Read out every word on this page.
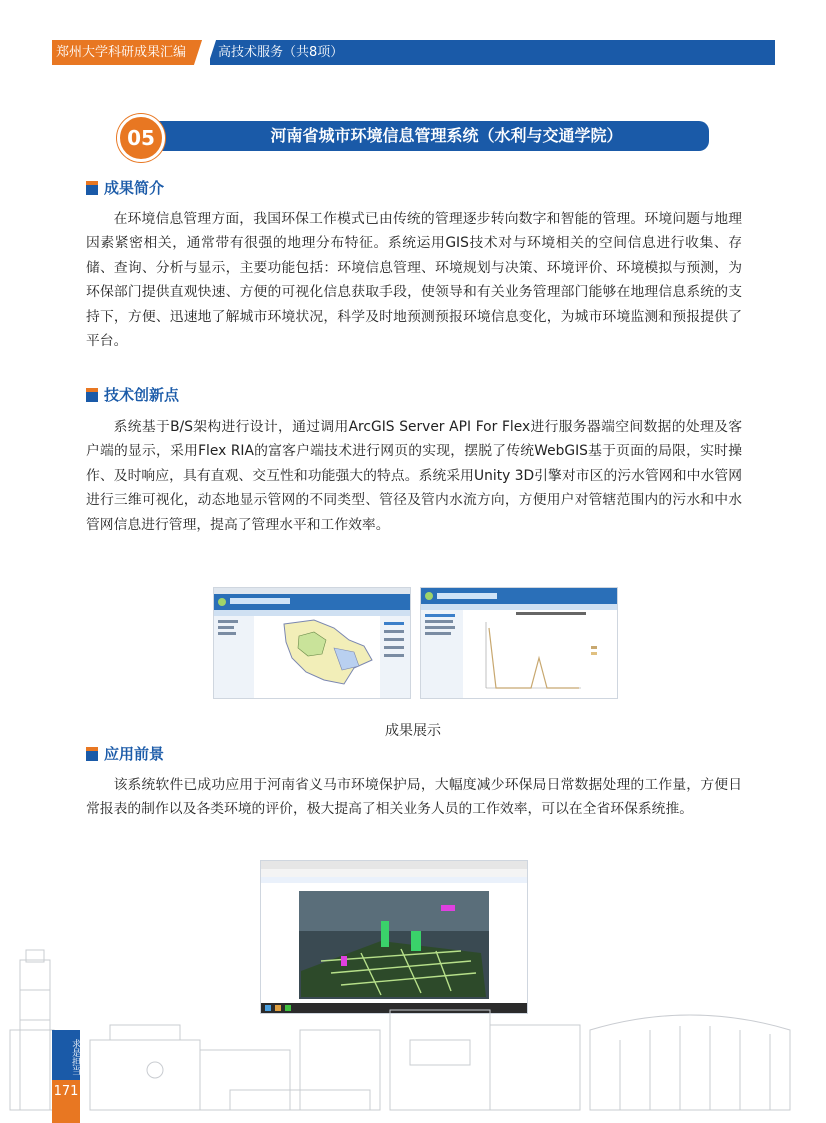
郑州大学科研成果汇编	高技术服务（共8项）
河南省城市环境信息管理系统（水利与交通学院）
05
成果简介

在环境信息管理方面，我国环保工作模式已由传统的管理逐步转向数字和智能的管理。环境问题与地理因素紧密相关，通常带有很强的地理分布特征。系统运用GIS技术对与环境相关的空间信息进行收集、存储、查询、分析与显示，主要功能包括：环境信息管理、环境规划与决策、环境评价、环境模拟与预测，为环保部门提供直观快速、方便的可视化信息获取手段，使领导和有关业务管理部门能够在地理信息系统的支持下，方便、迅速地了解城市环境状况，科学及时地预测预报环境信息变化，为城市环境监测和预报提供了平台。

技术创新点

系统基于B/S架构进行设计，通过调用ArcGIS Server API For Flex进行服务器端空间数据的处理及客户端的显示，采用Flex RIA的富客户端技术进行网页的实现，摆脱了传统WebGIS基于页面的局限，实时操作、及时响应，具有直观、交互性和功能强大的特点。系统采用Unity 3D引擎对市区的污水管网和中水管网进行三维可视化，动态地显示管网的不同类型、管径及管内水流方向，方便用户对管辖范围内的污水和中水管网信息进行管理，提高了管理水平和工作效率。

成果展示
应用前景

该系统软件已成功应用于河南省义马市环境保护局，大幅度减少环保局日常数据处理的工作量，方便日常报表的制作以及各类环境的评价，极大提高了相关业务人员的工作效率，可以在全省环保系统推。

求是担当
171
